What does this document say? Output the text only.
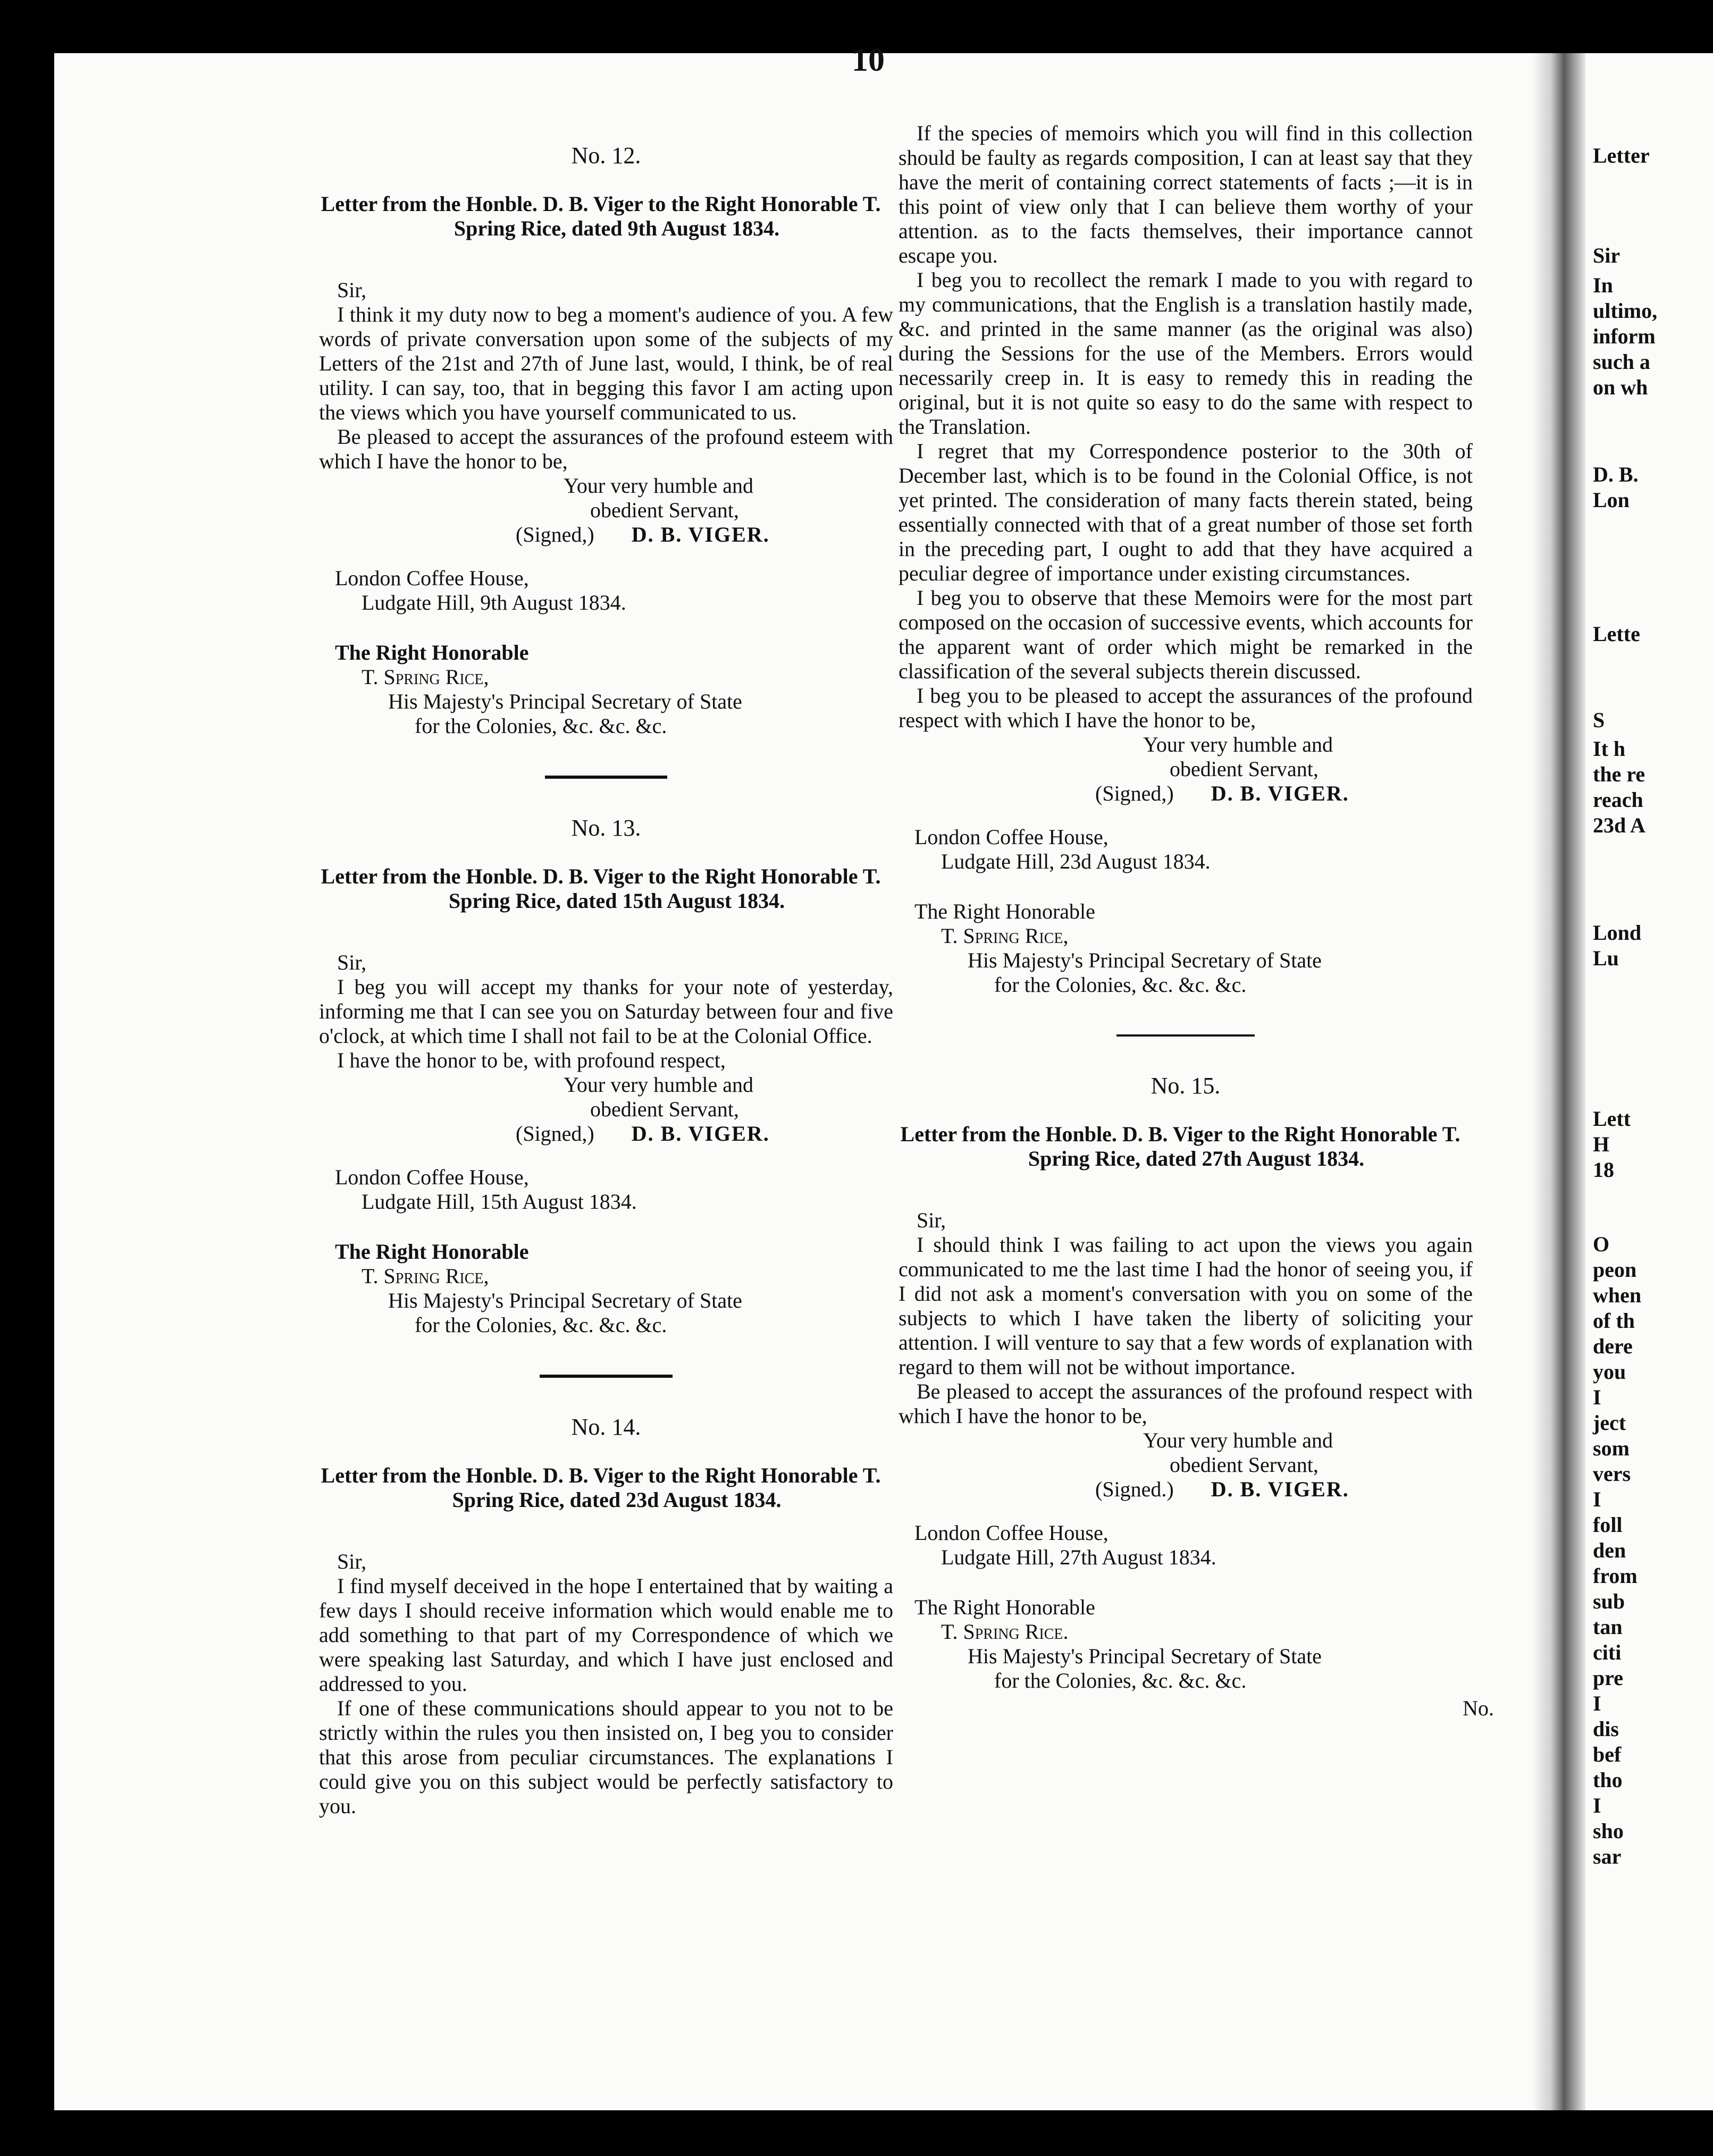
10
No. 12.
Letter from the Honble. D. B. Viger to the Right Honorable T. Spring Rice, dated 9th August 1834.
Sir,

I think it my duty now to beg a moment's audience of you. A few words of private conversation upon some of the subjects of my Letters of the 21st and 27th of June last, would, I think, be of real utility. I can say, too, that in begging this favor I am acting upon the views which you have yourself communicated to us.

Be pleased to accept the assurances of the profound esteem with which I have the honor to be,

Your very humble and
obedient Servant,
(Signed,) D. B. VIGER.
London Coffee House,
Ludgate Hill, 9th August 1834.
The Right Honorable
T. Spring Rice,
His Majesty's Principal Secretary of State
for the Colonies, &c. &c. &c.
No. 13.
Letter from the Honble. D. B. Viger to the Right Honorable T. Spring Rice, dated 15th August 1834.
Sir,

I beg you will accept my thanks for your note of yesterday, informing me that I can see you on Saturday between four and five o'clock, at which time I shall not fail to be at the Colonial Office.

I have the honor to be, with profound respect,

Your very humble and
obedient Servant,
(Signed,) D. B. VIGER.
London Coffee House,
Ludgate Hill, 15th August 1834.
The Right Honorable
T. Spring Rice,
His Majesty's Principal Secretary of State
for the Colonies, &c. &c. &c.
No. 14.
Letter from the Honble. D. B. Viger to the Right Honorable T. Spring Rice, dated 23d August 1834.
Sir,

I find myself deceived in the hope I entertained that by waiting a few days I should receive information which would enable me to add something to that part of my Correspondence of which we were speaking last Saturday, and which I have just enclosed and addressed to you.

If one of these communications should appear to you not to be strictly within the rules you then insisted on, I beg you to consider that this arose from peculiar circumstances. The explanations I could give you on this subject would be perfectly satisfactory to you.

If the species of memoirs which you will find in this collection should be faulty as regards composition, I can at least say that they have the merit of containing correct statements of facts ;—it is in this point of view only that I can believe them worthy of your attention. as to the facts themselves, their importance cannot escape you.

I beg you to recollect the remark I made to you with regard to my communications, that the English is a translation hastily made, &c. and printed in the same manner (as the original was also) during the Sessions for the use of the Members. Errors would necessarily creep in. It is easy to remedy this in reading the original, but it is not quite so easy to do the same with respect to the Translation.

I regret that my Correspondence posterior to the 30th of December last, which is to be found in the Colonial Office, is not yet printed. The consideration of many facts therein stated, being essentially connected with that of a great number of those set forth in the preceding part, I ought to add that they have acquired a peculiar degree of importance under existing circumstances.

I beg you to observe that these Memoirs were for the most part composed on the occasion of successive events, which accounts for the apparent want of order which might be remarked in the classification of the several subjects therein discussed.

I beg you to be pleased to accept the assurances of the profound respect with which I have the honor to be,

Your very humble and
obedient Servant,
(Signed,) D. B. VIGER.
London Coffee House,
Ludgate Hill, 23d August 1834.
The Right Honorable
T. Spring Rice,
His Majesty's Principal Secretary of State
for the Colonies, &c. &c. &c.
No. 15.
Letter from the Honble. D. B. Viger to the Right Honorable T. Spring Rice, dated 27th August 1834.
Sir,

I should think I was failing to act upon the views you again communicated to me the last time I had the honor of seeing you, if I did not ask a moment's conversation with you on some of the subjects to which I have taken the liberty of soliciting your attention. I will venture to say that a few words of explanation with regard to them will not be without importance.

Be pleased to accept the assurances of the profound respect with which I have the honor to be,

Your very humble and
obedient Servant,
(Signed.) D. B. VIGER.
London Coffee House,
Ludgate Hill, 27th August 1834.
The Right Honorable
T. Spring Rice.
His Majesty's Principal Secretary of State
for the Colonies, &c. &c. &c.
No.
Letter
Sir
In
ultimo,
inform
such a
on wh
D. B.
Lon
Lette
S
It h
the re
reach
23d A
Lond
Lu
Lett
H
18
O
peon
when
of th
dere
you
I
ject
som
vers
I
foll
den
from
sub
tan
citi
pre
I
dis
bef
tho
I
sho
sar
